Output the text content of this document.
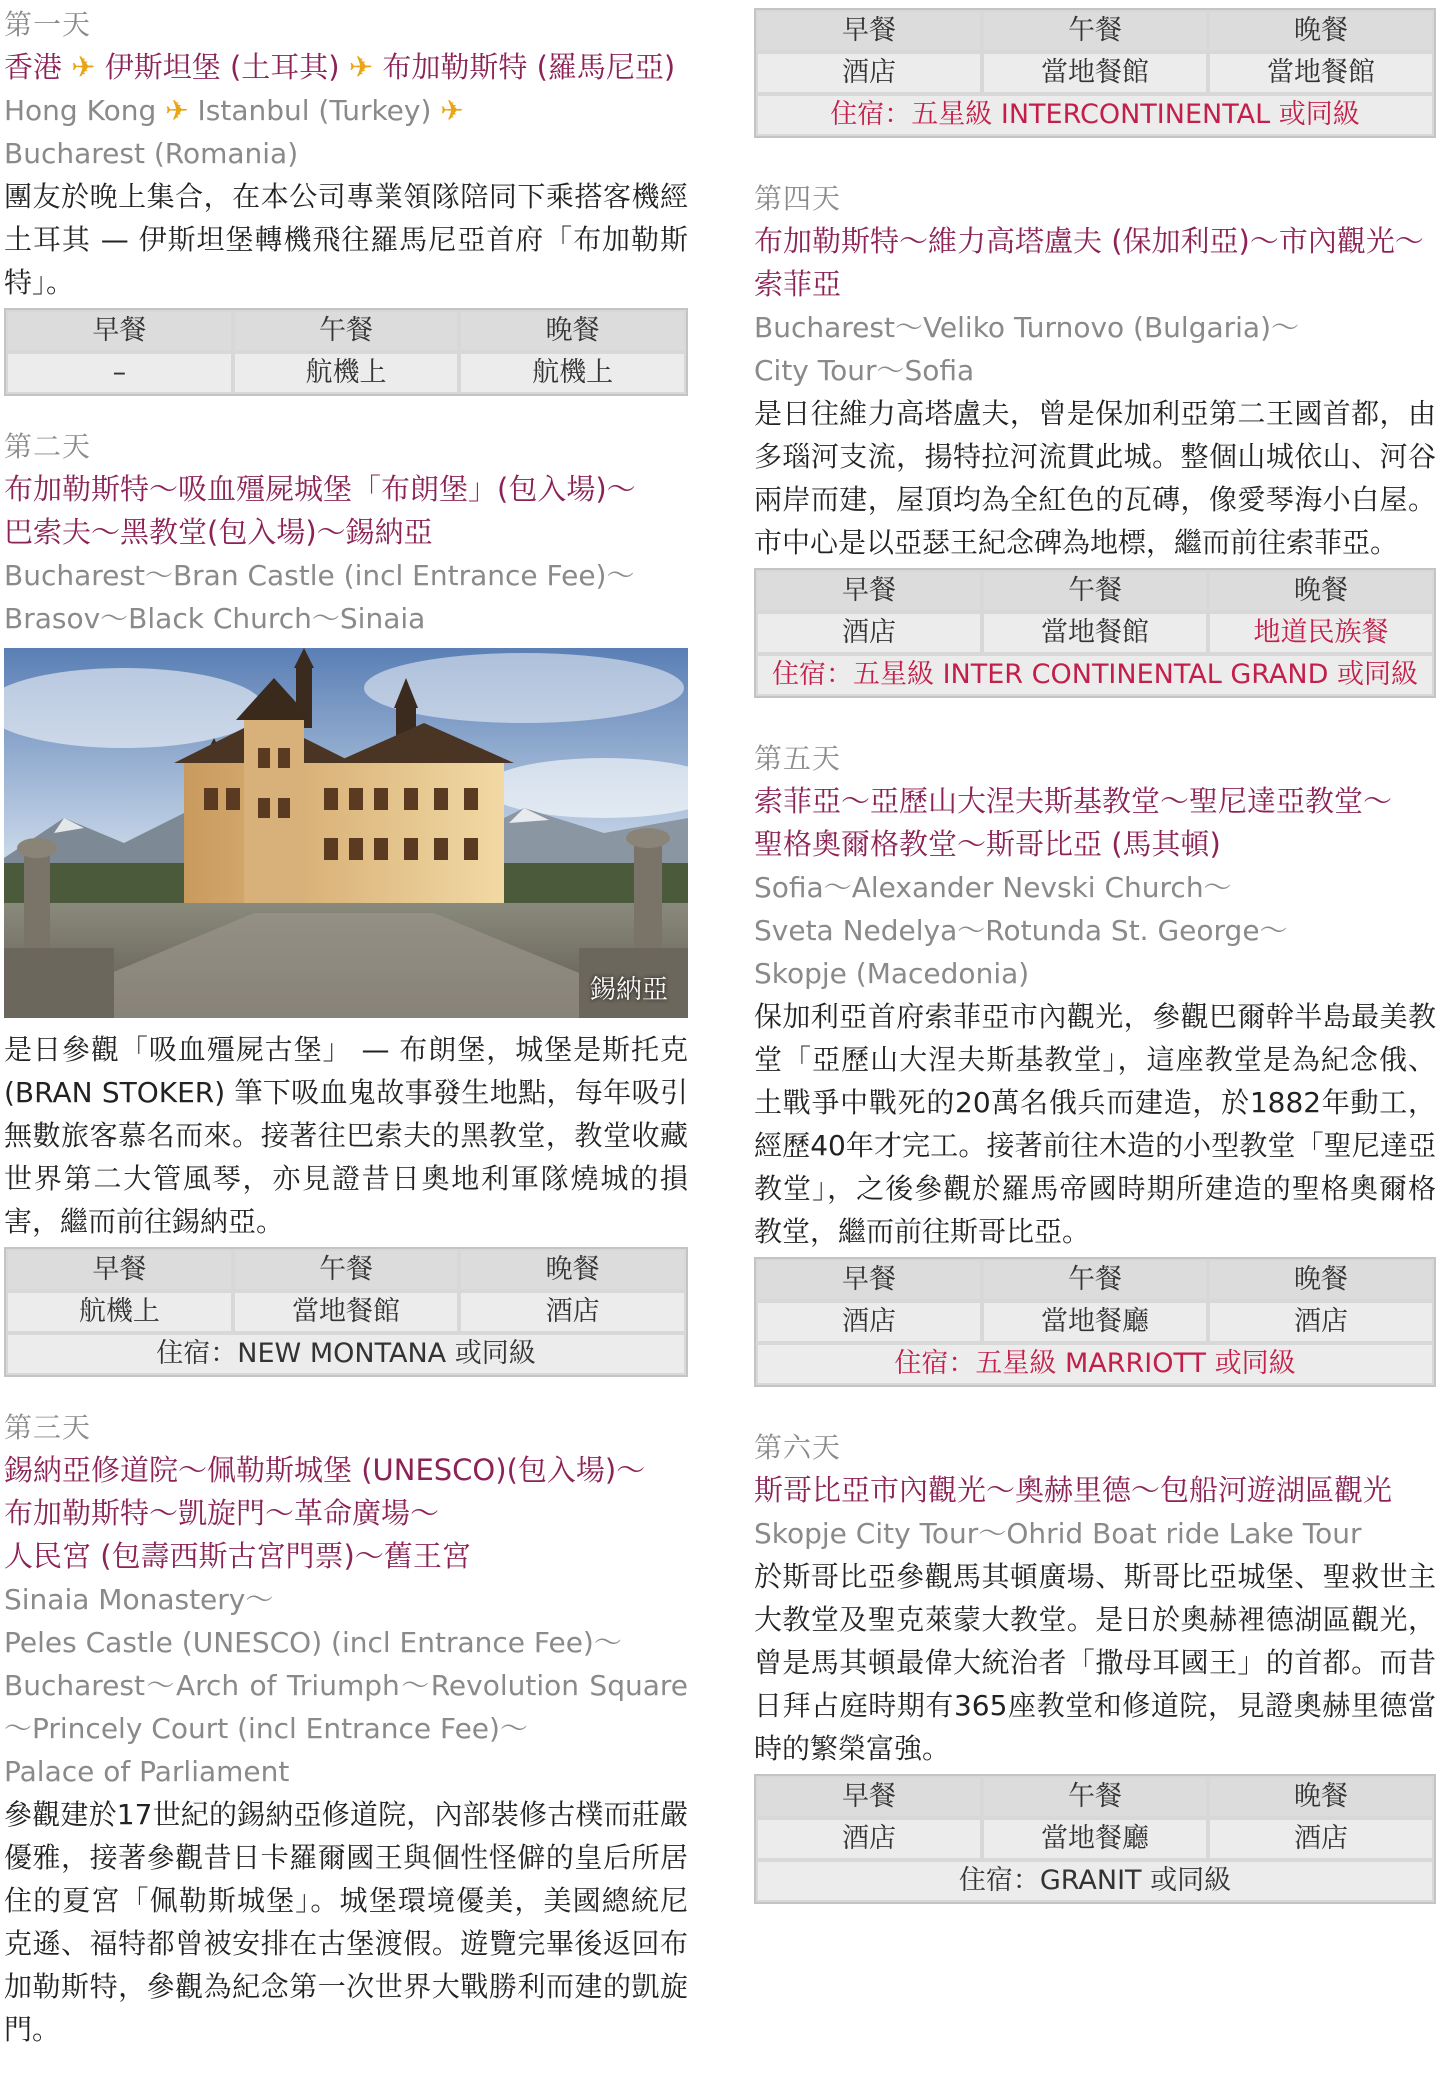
第一天
香港 ✈ 伊斯坦堡 (土耳其) ✈ 布加勒斯特 (羅馬尼亞)
Hong Kong ✈ Istanbul (Turkey) ✈
Bucharest (Romania)
團友於晚上集合，在本公司專業領隊陪同下乘搭客機經土耳其 — 伊斯坦堡轉機飛往羅馬尼亞首府「布加勒斯特」。
早餐	午餐	晚餐
–	航機上	航機上
第二天
布加勒斯特～吸血殭屍城堡「布朗堡」(包入場)～
巴索夫～黑教堂(包入場)～錫納亞
Bucharest～Bran Castle (incl Entrance Fee)～
Brasov～Black Church～Sinaia
錫納亞
是日參觀「吸血殭屍古堡」 — 布朗堡，城堡是斯托克 (BRAN STOKER) 筆下吸血鬼故事發生地點，每年吸引無數旅客慕名而來。接著往巴索夫的黑教堂，教堂收藏世界第二大管風琴，亦見證昔日奧地利軍隊燒城的損害，繼而前往錫納亞。
早餐	午餐	晚餐
航機上	當地餐館	酒店
住宿：NEW MONTANA 或同級
第三天
錫納亞修道院～佩勒斯城堡 (UNESCO)(包入場)～
布加勒斯特～凱旋門～革命廣場～
人民宮 (包壽西斯古宮門票)～舊王宮
Sinaia Monastery～
Peles Castle (UNESCO) (incl Entrance Fee)～
Bucharest～Arch of Triumph～Revolution Square
～Princely Court (incl Entrance Fee)～
Palace of Parliament
參觀建於17世紀的錫納亞修道院，內部裝修古樸而莊嚴優雅，接著參觀昔日卡羅爾國王與個性怪僻的皇后所居住的夏宮「佩勒斯城堡」。城堡環境優美，美國總統尼克遜、福特都曾被安排在古堡渡假。遊覽完畢後返回布加勒斯特，參觀為紀念第一次世界大戰勝利而建的凱旋門。
早餐	午餐	晚餐
酒店	當地餐館	當地餐館
住宿：五星級 INTERCONTINENTAL 或同級
第四天
布加勒斯特～維力高塔盧夫 (保加利亞)～市內觀光～
索菲亞
Bucharest～Veliko Turnovo (Bulgaria)～
City Tour～Sofia
是日往維力高塔盧夫，曾是保加利亞第二王國首都，由多瑙河支流，揚特拉河流貫此城。整個山城依山、河谷兩岸而建，屋頂均為全紅色的瓦磚，像愛琴海小白屋。市中心是以亞瑟王紀念碑為地標，繼而前往索菲亞。
早餐	午餐	晚餐
酒店	當地餐館	地道民族餐
住宿：五星級 INTER CONTINENTAL GRAND 或同級
第五天
索菲亞～亞歷山大涅夫斯基教堂～聖尼達亞教堂～
聖格奧爾格教堂～斯哥比亞 (馬其頓)
Sofia～Alexander Nevski Church～
Sveta Nedelya～Rotunda St. George～
Skopje (Macedonia)
保加利亞首府索菲亞市內觀光，參觀巴爾幹半島最美教堂「亞歷山大涅夫斯基教堂」，這座教堂是為紀念俄、土戰爭中戰死的20萬名俄兵而建造，於1882年動工，經歷40年才完工。接著前往木造的小型教堂「聖尼達亞教堂」，之後參觀於羅馬帝國時期所建造的聖格奧爾格教堂，繼而前往斯哥比亞。
早餐	午餐	晚餐
酒店	當地餐廳	酒店
住宿：五星級 MARRIOTT 或同級
第六天
斯哥比亞市內觀光～奧赫里德～包船河遊湖區觀光
Skopje City Tour～Ohrid Boat ride Lake Tour
於斯哥比亞參觀馬其頓廣場、斯哥比亞城堡、聖救世主大教堂及聖克萊蒙大教堂。是日於奧赫裡德湖區觀光，曾是馬其頓最偉大統治者「撒母耳國王」的首都。而昔日拜占庭時期有365座教堂和修道院，見證奧赫里德當時的繁榮富強。
早餐	午餐	晚餐
酒店	當地餐廳	酒店
住宿：GRANIT 或同級
